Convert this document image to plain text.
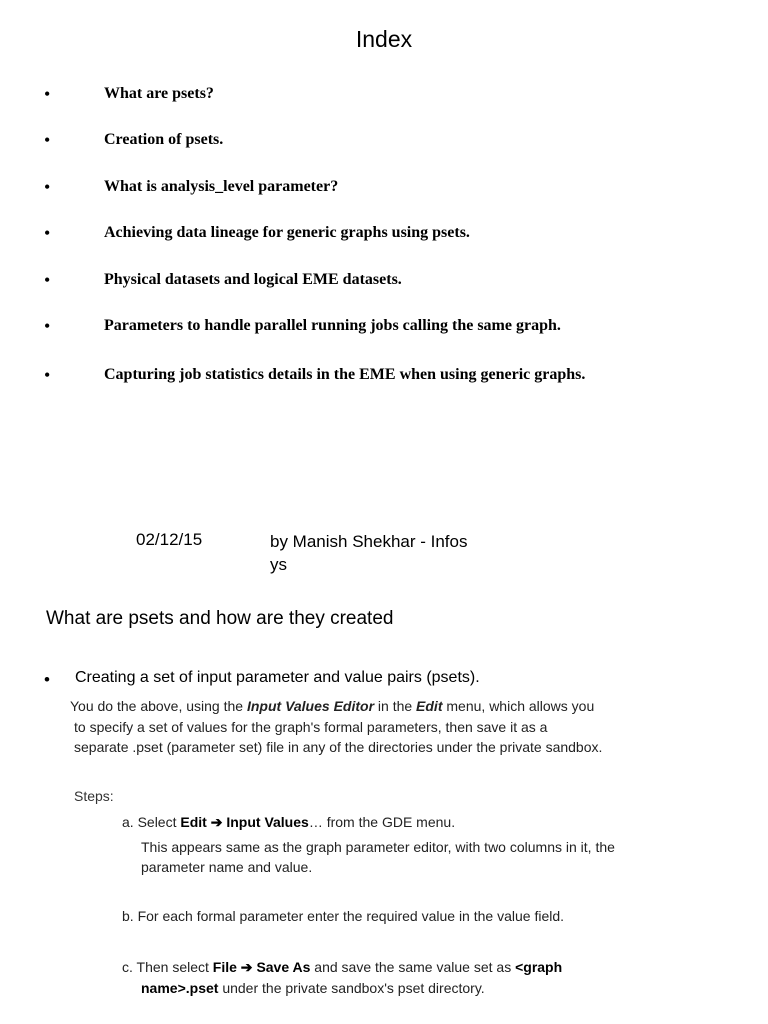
Index
•	What are psets?
•	Creation of psets.
•	What is analysis_level parameter?
•	Achieving data lineage for generic graphs using psets.
•	Physical datasets and logical EME datasets.
•	Parameters to handle parallel running jobs calling the same graph.
•	Capturing job statistics details in the EME when using generic graphs.
02/12/15	by Manish Shekhar - Infos
ys
What are psets and how are they created
• Creating a set of input parameter and value pairs (psets).
You do the above, using the Input Values Editor in the Edit menu, which allows you
to specify a set of values for the graph's formal parameters, then save it as a
separate .pset (parameter set) file in any of the directories under the private sandbox.
Steps:
a. Select Edit ➔ Input Values… from the GDE menu.
This appears same as the graph parameter editor, with two columns in it, the
parameter name and value.
b. For each formal parameter enter the required value in the value field.
c. Then select File ➔ Save As and save the same value set as <graph
name>.pset under the private sandbox's pset directory.
